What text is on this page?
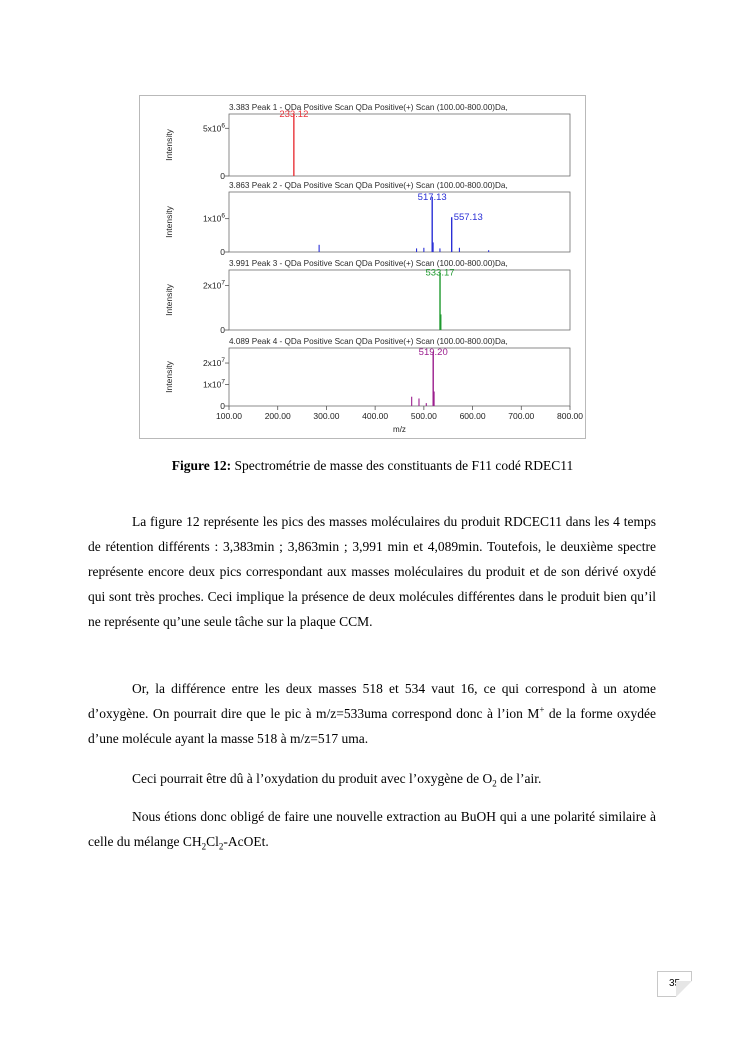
3.383 Peak 1 - QDa Positive Scan QDa Positive(+) Scan (100.00-800.00)Da,
Intensity
$5x10^6$
0
233.12
3.863 Peak 2 - QDa Positive Scan QDa Positive(+) Scan (100.00-800.00)Da,
Intensity	$1x10^6$
0
517.13
557.13
3.991 Peak 3 - QDa Positive Scan QDa Positive(+) Scan (100.00-800.00)Da,
Intensity	$2x10^7$
0
533.17
4.089 Peak 4 - QDa Positive Scan QDa Positive(+) Scan (100.00-800.00)Da,
Intensity	$2x10^7$
$1x10^7$
0
519.20
100.00	200.00	300.00	400.00	500.00	600.00	700.00	800.00
m/z
Figure 12: Spectrométrie de masse des constituants de F11 codé RDEC11

La figure 12 représente les pics des masses moléculaires du produit RDCEC11 dans les 4 temps de rétention différents : 3,383min ; 3,863min ; 3,991 min et 4,089min. Toutefois, le deuxième spectre représente encore deux pics correspondant aux masses moléculaires du produit et de son dérivé oxydé qui sont très proches. Ceci implique la présence de deux molécules différentes dans le produit bien qu’il ne représente qu’une seule tâche sur la plaque CCM.

Or, la différence entre les deux masses 518 et 534 vaut 16, ce qui correspond à un atome d’oxygène. On pourrait dire que le pic à m/z=533uma correspond donc à l’ion M+ de la forme oxydée d’une molécule ayant la masse 518 à m/z=517 uma.

Ceci pourrait être dû à l’oxydation du produit avec l’oxygène de $O_2$ de l’air.

Nous étions donc obligé de faire une nouvelle extraction au BuOH qui a une polarité similaire à celle du mélange $CH_2Cl_2$-AcOEt.

35
